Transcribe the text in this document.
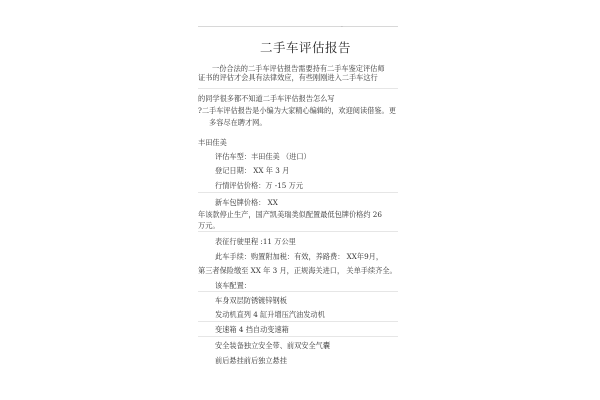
.
二手车评估报告
一份合法的二手车评估报告需要持有二手车鉴定评估师
证书的评估才会具有法律效应，有些刚刚进入二手车这行
的同学很多都不知道二手车评估报告怎么写
?二手车评估报告是小编为大家精心编辑的，欢迎阅读借鉴。更
多容尽在聘才网。
丰田佳美
评估车型：丰田佳美 （进口）
登记日期： XX 年 3 月
行情评估价格：万 -15 万元
新车包牌价格： XX
年该款停止生产，国产凯美瑞类似配置最低包牌价格约 26
万元。
表征行驶里程 :11 万公里
此车手续：购置附加税：有效，养路费： XX年9月，
第三者保险缴至 XX 年 3 月，正规海关进口， 关单手续齐全。
该车配置：
车身双层防锈镀锌钢板
发动机直列 4 缸升增压汽油发动机
变速箱 4 挡自动变速箱
安全装备独立安全带、前双安全气囊
前后悬挂前后独立悬挂
